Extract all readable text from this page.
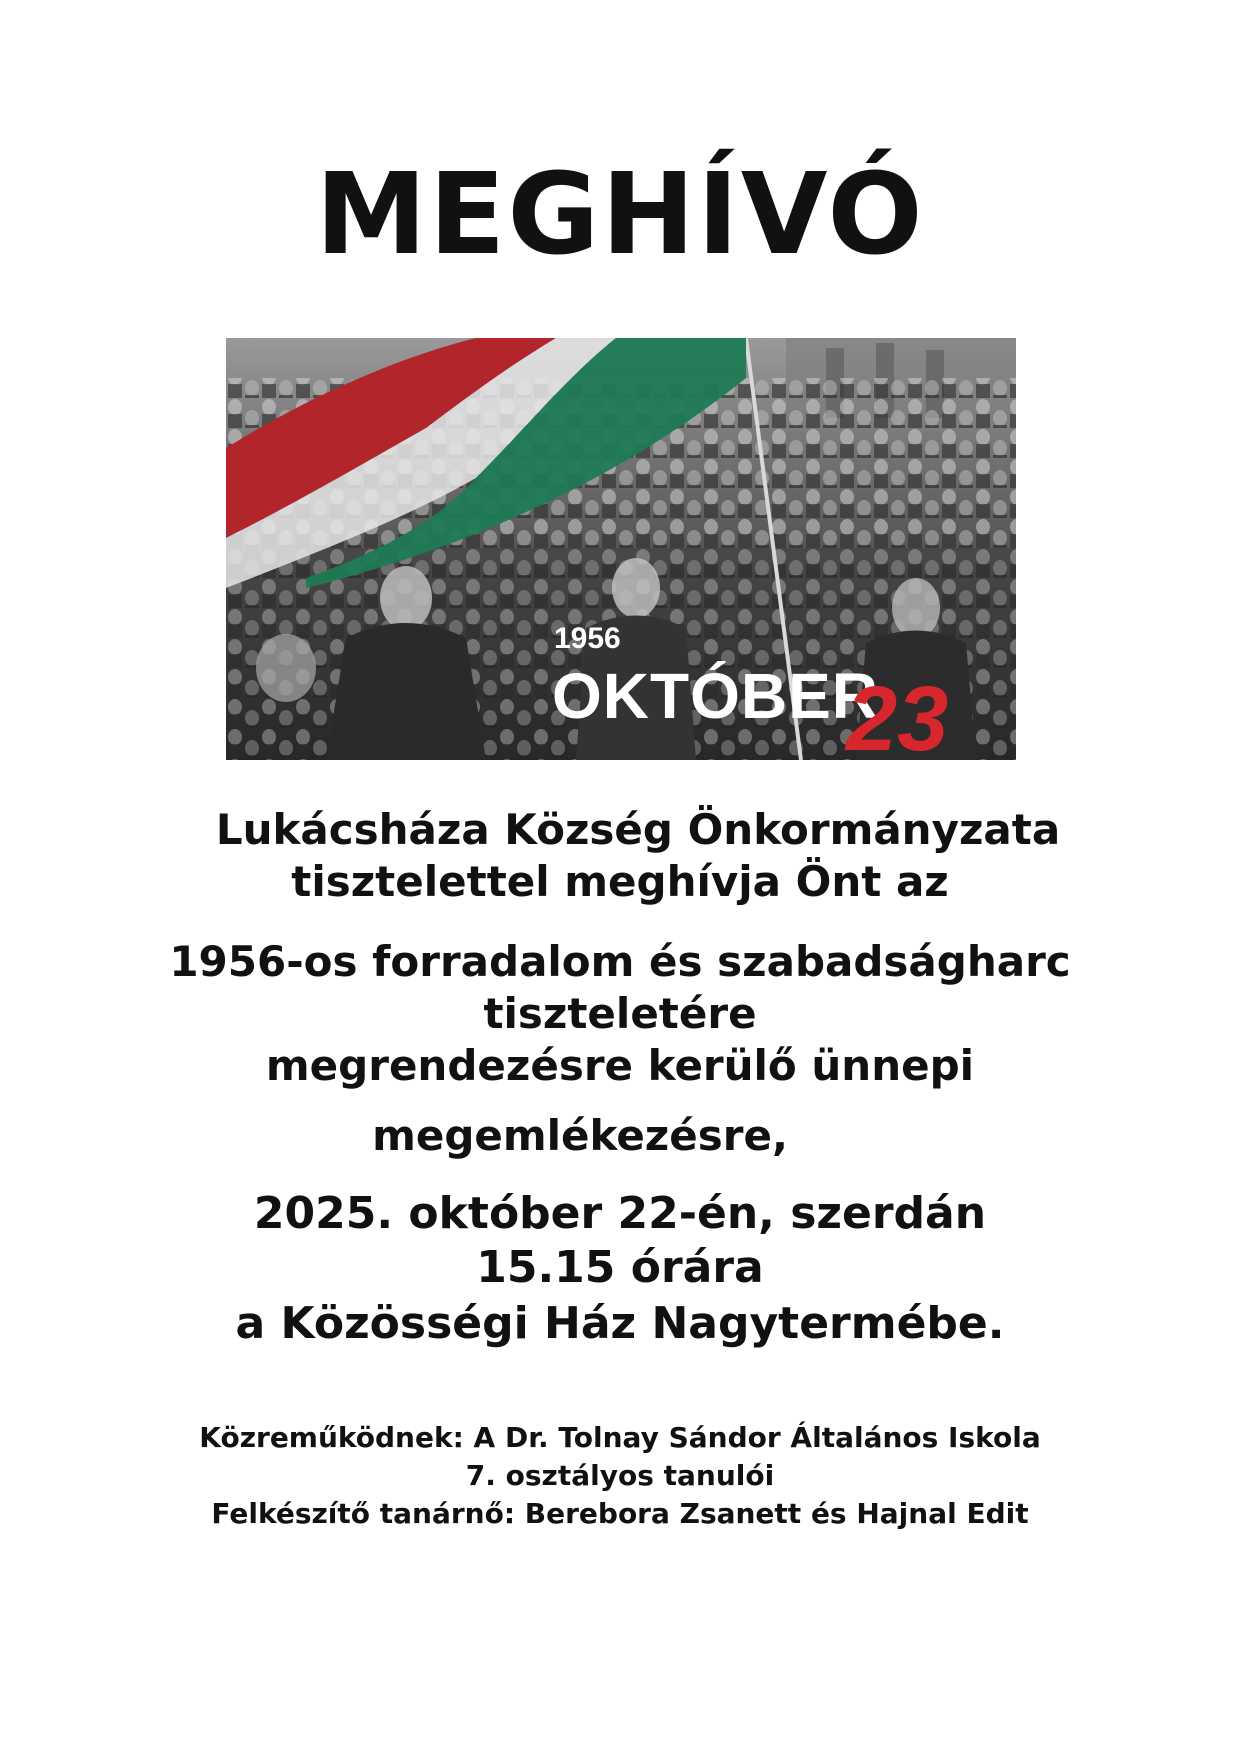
MEGHÍVÓ
1956
OKTÓBER
23
Lukácsháza Község Önkormányzata
tisztelettel meghívja Önt az
1956-os forradalom és szabadságharc
tiszteletére
megrendezésre kerülő ünnepi
megemlékezésre,
2025. október 22-én, szerdán
15.15 órára
a Közösségi Ház Nagytermébe.
Közreműködnek: A Dr. Tolnay Sándor Általános Iskola
7. osztályos tanulói
Felkészítő tanárnő: Berebora Zsanett és Hajnal Edit
